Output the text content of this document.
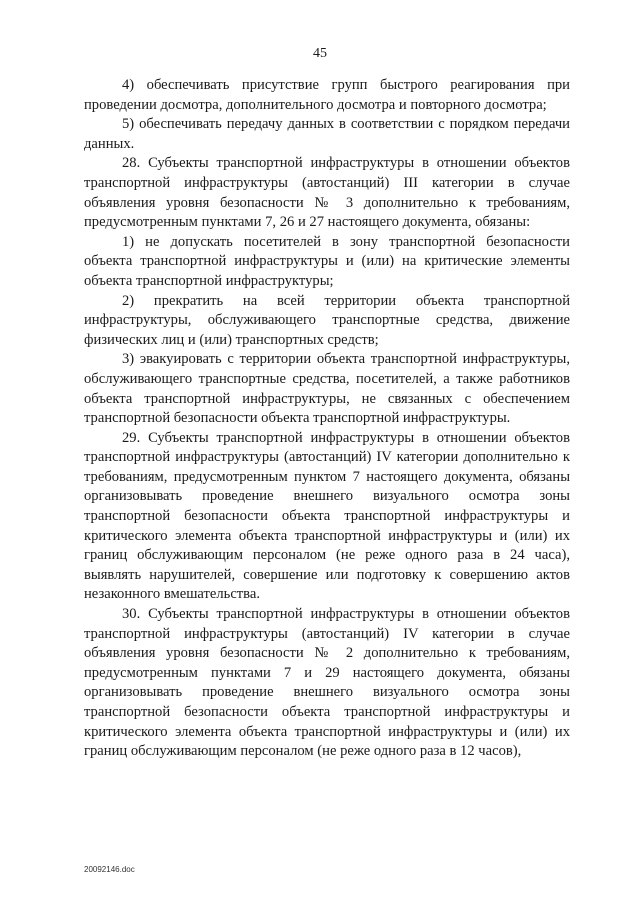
45

4) обеспечивать присутствие групп быстрого реагирования при проведении досмотра, дополнительного досмотра и повторного досмотра;

5) обеспечивать передачу данных в соответствии с порядком передачи данных.

28. Субъекты транспортной инфраструктуры в отношении объектов транспортной инфраструктуры (автостанций) III категории в случае объявления уровня безопасности № 3 дополнительно к требованиям, предусмотренным пунктами 7, 26 и 27 настоящего документа, обязаны:

1) не допускать посетителей в зону транспортной безопасности объекта транспортной инфраструктуры и (или) на критические элементы объекта транспортной инфраструктуры;

2) прекратить на всей территории объекта транспортной инфраструктуры, обслуживающего транспортные средства, движение физических лиц и (или) транспортных средств;

3) эвакуировать с территории объекта транспортной инфраструктуры, обслуживающего транспортные средства, посетителей, а также работников объекта транспортной инфраструктуры, не связанных с обеспечением транспортной безопасности объекта транспортной инфраструктуры.

29. Субъекты транспортной инфраструктуры в отношении объектов транспортной инфраструктуры (автостанций) IV категории дополнительно к требованиям, предусмотренным пунктом 7 настоящего документа, обязаны организовывать проведение внешнего визуального осмотра зоны транспортной безопасности объекта транспортной инфраструктуры и критического элемента объекта транспортной инфраструктуры и (или) их границ обслуживающим персоналом (не реже одного раза в 24 часа), выявлять нарушителей, совершение или подготовку к совершению актов незаконного вмешательства.

30. Субъекты транспортной инфраструктуры в отношении объектов транспортной инфраструктуры (автостанций) IV категории в случае объявления уровня безопасности № 2 дополнительно к требованиям, предусмотренным пунктами 7 и 29 настоящего документа, обязаны организовывать проведение внешнего визуального осмотра зоны транспортной безопасности объекта транспортной инфраструктуры и критического элемента объекта транспортной инфраструктуры и (или) их границ обслуживающим персоналом (не реже одного раза в 12 часов),

20092146.doc
